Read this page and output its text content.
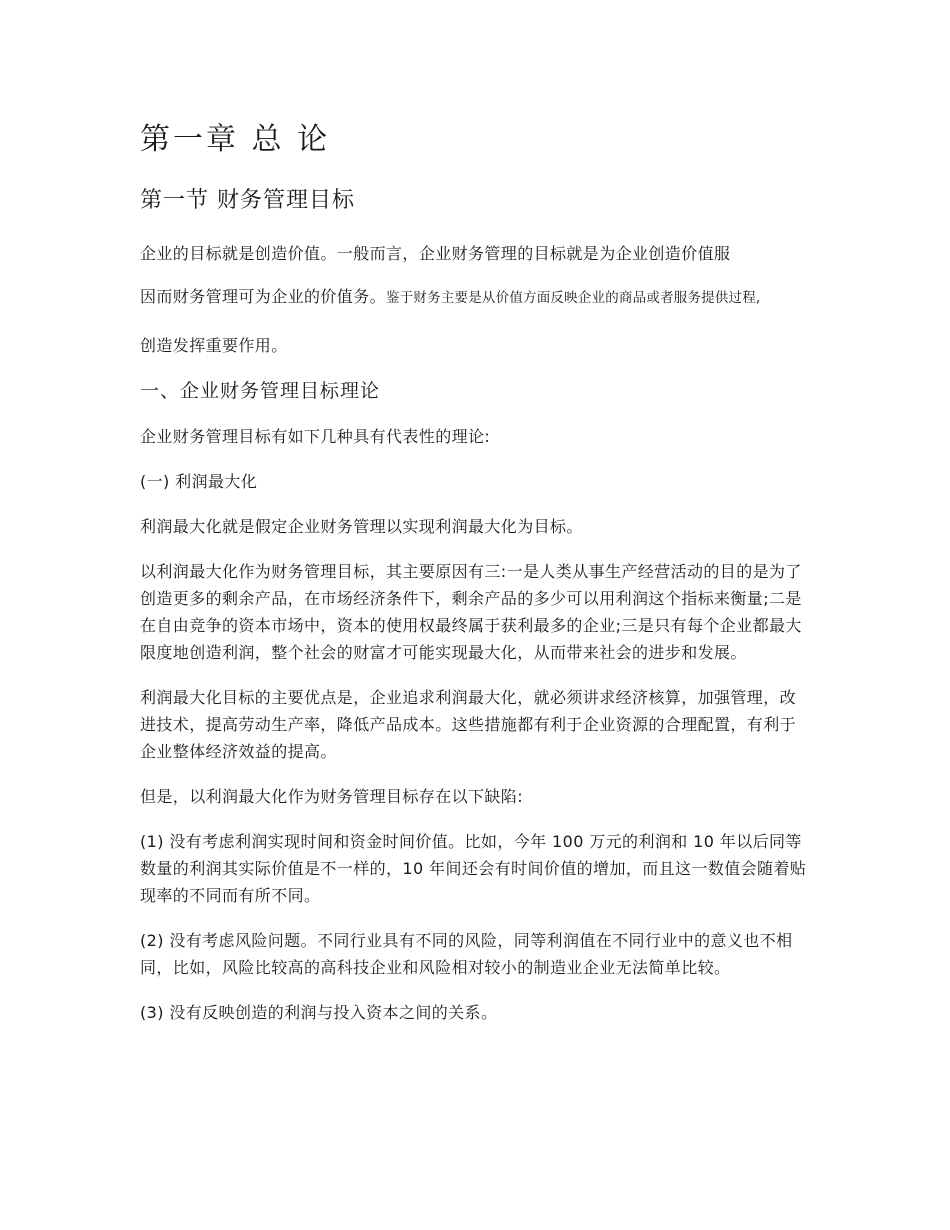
第一章 总 论
第一节 财务管理目标

企业的目标就是创造价值。一般而言，企业财务管理的目标就是为企业创造价值服

因而财务管理可为企业的价值务。鉴于财务主要是从价值方面反映企业的商品或者服务提供过程,

创造发挥重要作用。

一、企业财务管理目标理论

企业财务管理目标有如下几种具有代表性的理论:

(一) 利润最大化

利润最大化就是假定企业财务管理以实现利润最大化为目标。

以利润最大化作为财务管理目标，其主要原因有三:一是人类从事生产经营活动的目的是为了创造更多的剩余产品，在市场经济条件下，剩余产品的多少可以用利润这个指标来衡量;二是在自由竞争的资本市场中，资本的使用权最终属于获利最多的企业;三是只有每个企业都最大限度地创造利润，整个社会的财富才可能实现最大化，从而带来社会的进步和发展。

利润最大化目标的主要优点是，企业追求利润最大化，就必须讲求经济核算，加强管理，改进技术，提高劳动生产率，降低产品成本。这些措施都有利于企业资源的合理配置，有利于企业整体经济效益的提高。

但是，以利润最大化作为财务管理目标存在以下缺陷:

(1) 没有考虑利润实现时间和资金时间价值。比如，今年 100 万元的利润和 10 年以后同等数量的利润其实际价值是不一样的，10 年间还会有时间价值的增加，而且这一数值会随着贴现率的不同而有所不同。

(2) 没有考虑风险问题。不同行业具有不同的风险，同等利润值在不同行业中的意义也不相同，比如，风险比较高的高科技企业和风险相对较小的制造业企业无法简单比较。

(3) 没有反映创造的利润与投入资本之间的关系。
